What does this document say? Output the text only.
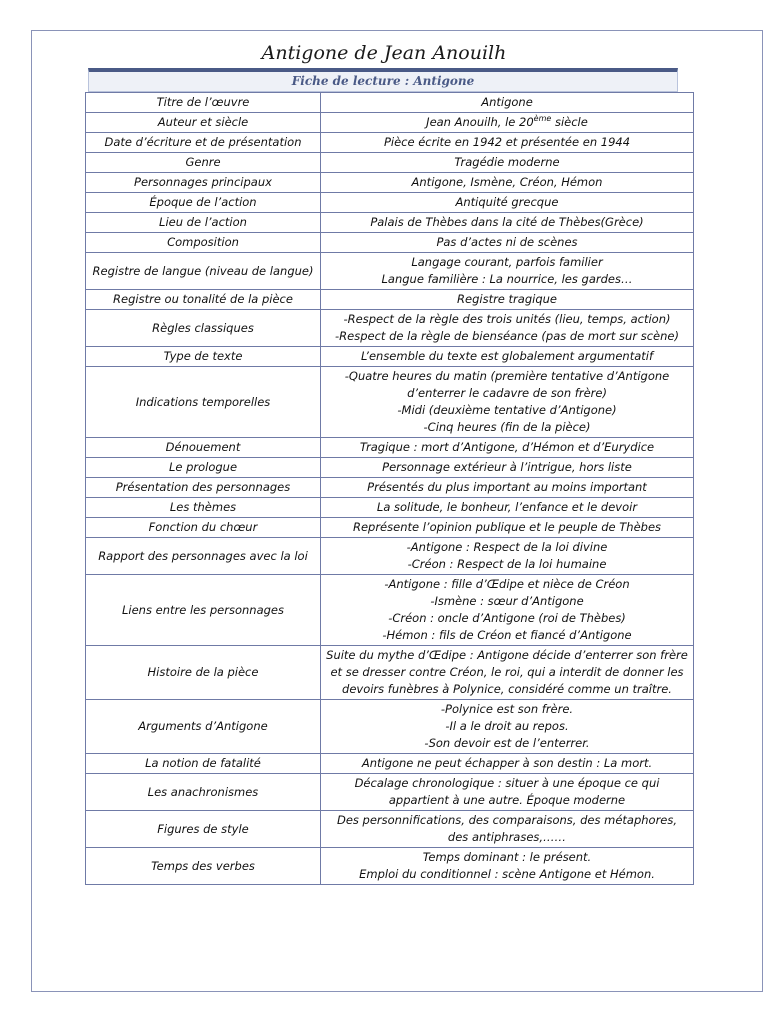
Antigone de Jean Anouilh
Fiche de lecture : Antigone
Titre de l’œuvre	Antigone
Auteur et siècle	Jean Anouilh, le 20ème siècle
Date d’écriture et de présentation	Pièce écrite en 1942 et présentée en 1944
Genre	Tragédie moderne
Personnages principaux	Antigone, Ismène, Créon, Hémon
Époque de l’action	Antiquité grecque
Lieu de l’action	Palais de Thèbes dans la cité de Thèbes(Grèce)
Composition	Pas d’actes ni de scènes
Registre de langue (niveau de langue)	Langage courant, parfois familier
Langue familière : La nourrice, les gardes…
Registre ou tonalité de la pièce	Registre tragique
Règles classiques	-Respect de la règle des trois unités (lieu, temps, action)
-Respect de la règle de bienséance (pas de mort sur scène)
Type de texte	L’ensemble du texte est globalement argumentatif
Indications temporelles	-Quatre heures du matin (première tentative d’Antigone d’enterrer le cadavre de son frère)
-Midi (deuxième tentative d’Antigone)
-Cinq heures (fin de la pièce)
Dénouement	Tragique : mort d’Antigone, d’Hémon et d’Eurydice
Le prologue	Personnage extérieur à l’intrigue, hors liste
Présentation des personnages	Présentés du plus important au moins important
Les thèmes	La solitude, le bonheur, l’enfance et le devoir
Fonction du chœur	Représente l’opinion publique et le peuple de Thèbes
Rapport des personnages avec la loi	-Antigone : Respect de la loi divine
-Créon : Respect de la loi humaine
Liens entre les personnages	-Antigone : fille d’Œdipe et nièce de Créon
-Ismène : sœur d’Antigone
-Créon : oncle d’Antigone (roi de Thèbes)
-Hémon : fils de Créon et fiancé d’Antigone
Histoire de la pièce	Suite du mythe d’Œdipe : Antigone décide d’enterrer son frère et se dresser contre Créon, le roi, qui a interdit de donner les devoirs funèbres à Polynice, considéré comme un traître.
Arguments d’Antigone	-Polynice est son frère.
-Il a le droit au repos.
-Son devoir est de l’enterrer.
La notion de fatalité	Antigone ne peut échapper à son destin : La mort.
Les anachronismes	Décalage chronologique : situer à une époque ce qui appartient à une autre. Époque moderne
Figures de style	Des personnifications, des comparaisons, des métaphores, des antiphrases,……
Temps des verbes	Temps dominant : le présent.
Emploi du conditionnel : scène Antigone et Hémon.
